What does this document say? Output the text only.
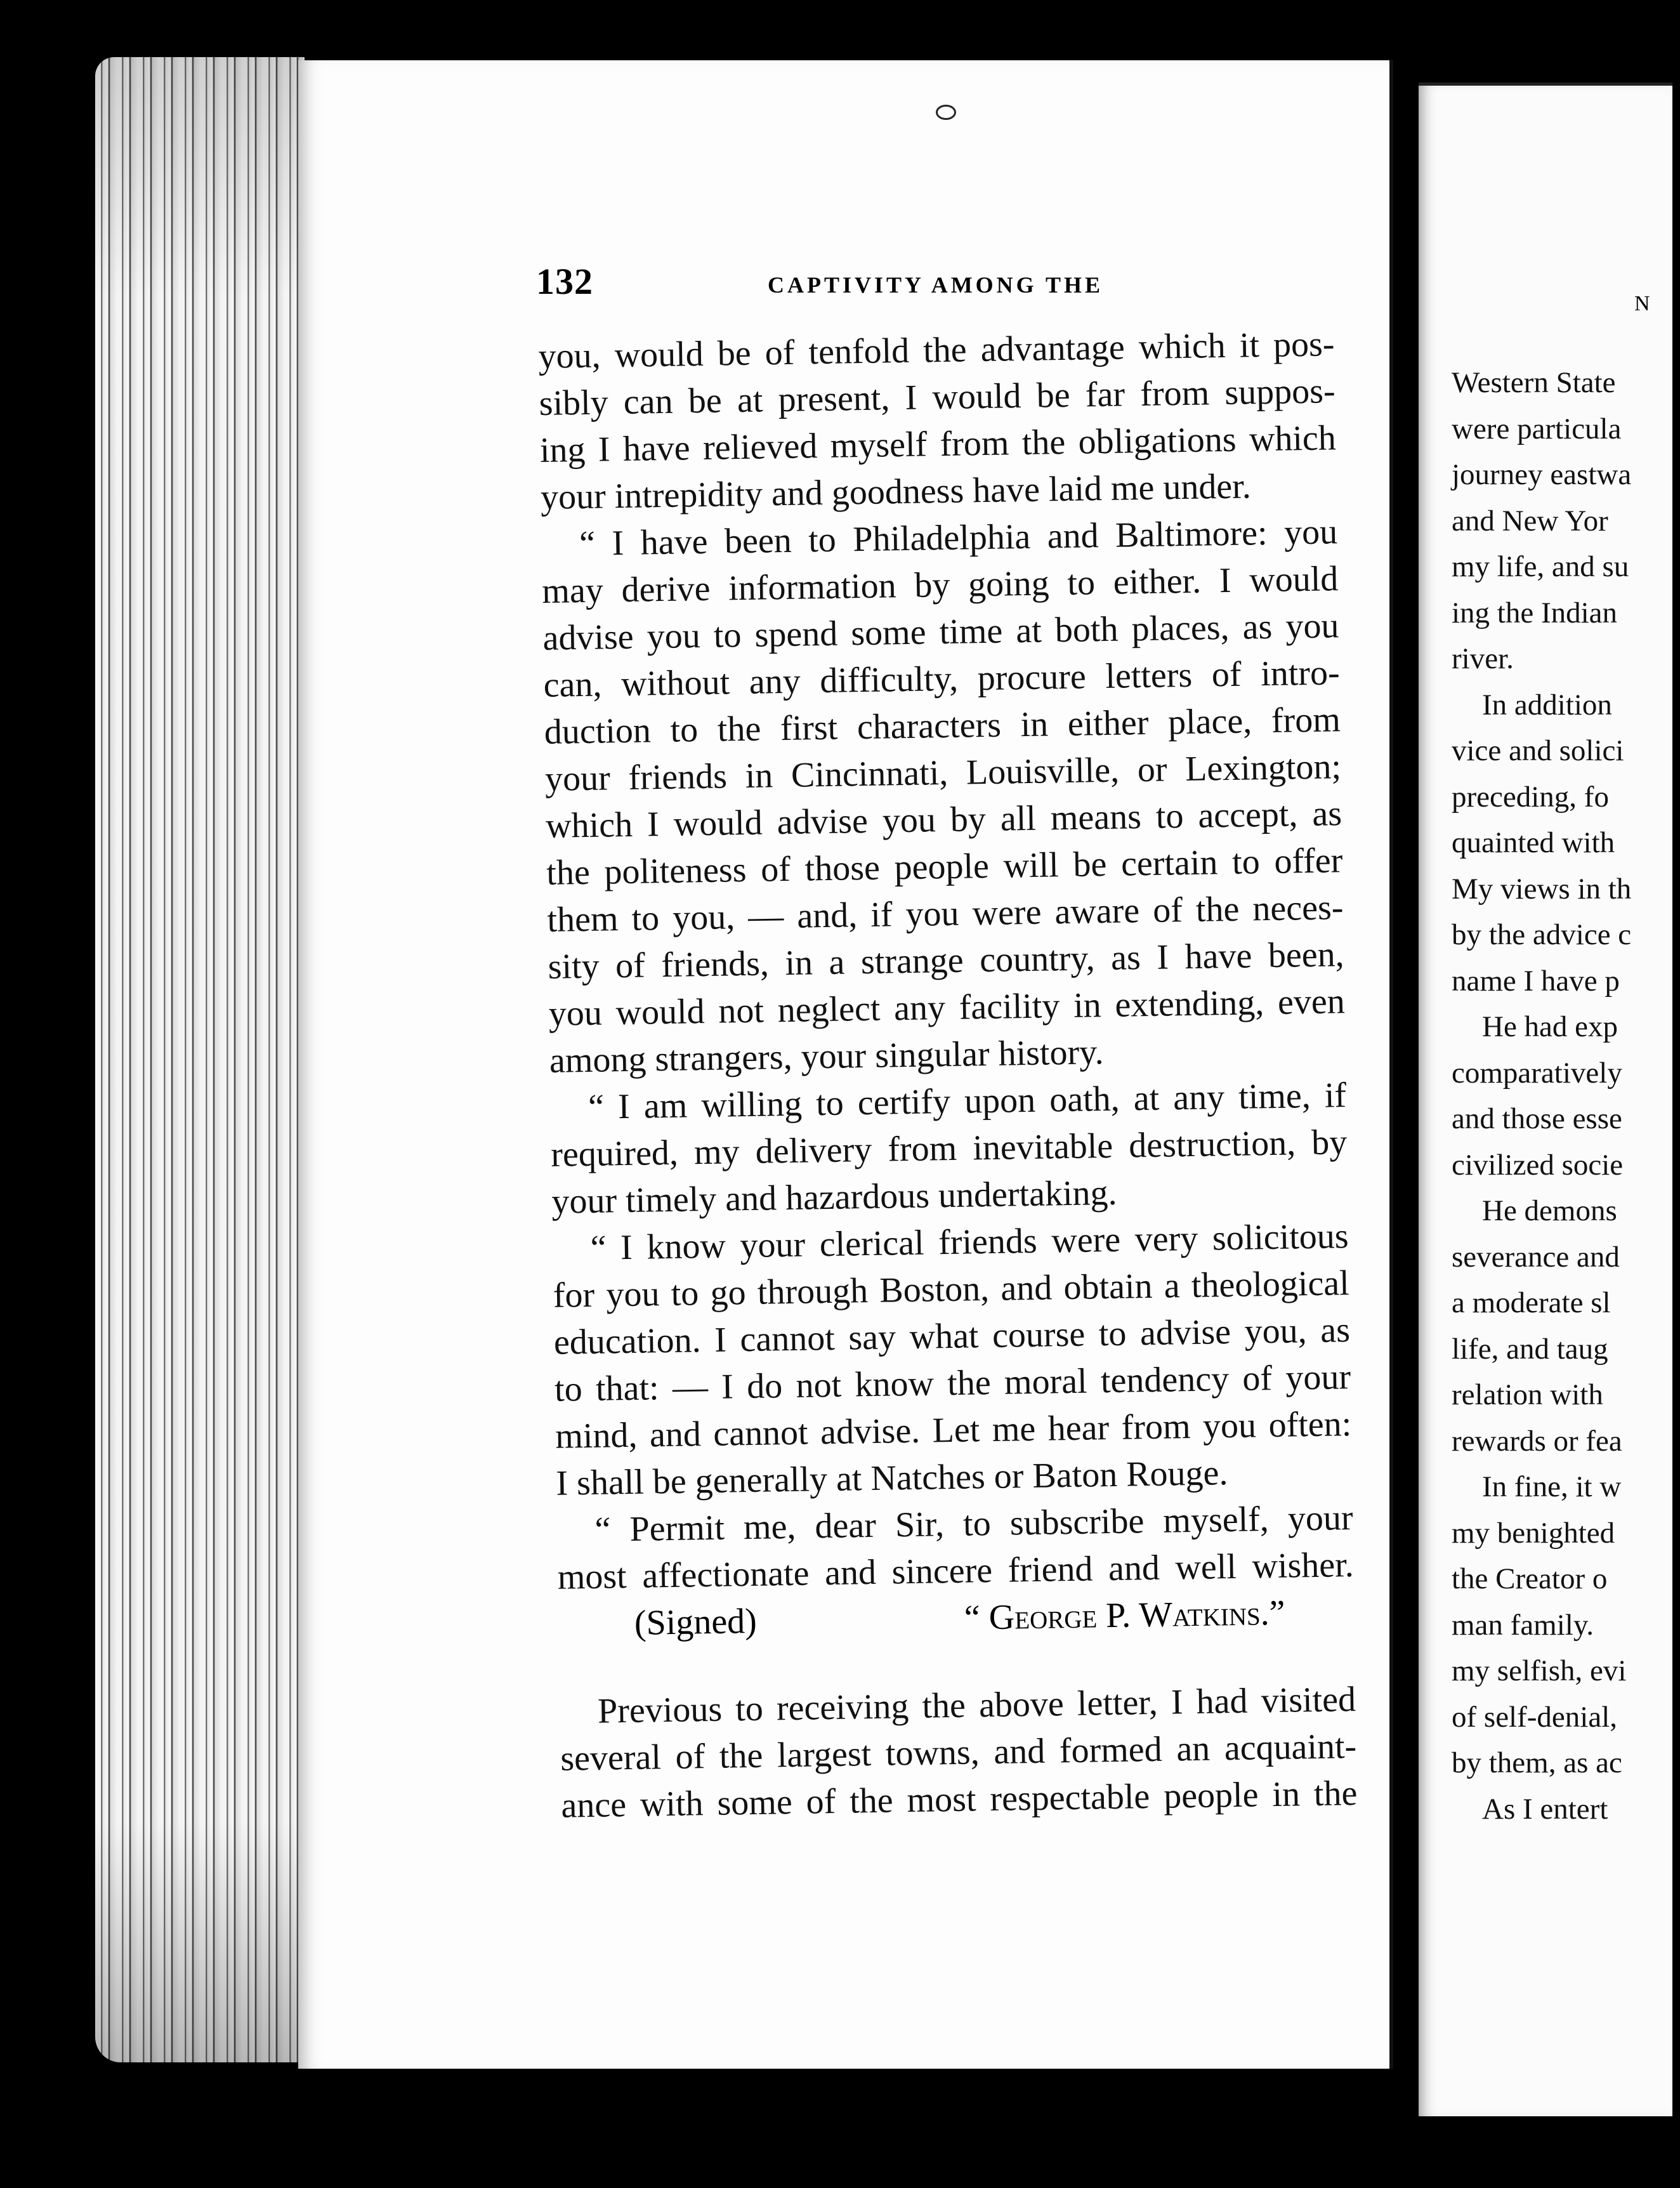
132	CAPTIVITY AMONG THE
you, would be of tenfold the advantage which it pos-
sibly can be at present, I would be far from suppos-
ing I have relieved myself from the obligations which
your intrepidity and goodness have laid me under.
“ I have been to Philadelphia and Baltimore: you
may derive information by going to either. I would
advise you to spend some time at both places, as you
can, without any difficulty, procure letters of intro-
duction to the first characters in either place, from
your friends in Cincinnati, Louisville, or Lexington;
which I would advise you by all means to accept, as
the politeness of those people will be certain to offer
them to you, — and, if you were aware of the neces-
sity of friends, in a strange country, as I have been,
you would not neglect any facility in extending, even
among strangers, your singular history.
“ I am willing to certify upon oath, at any time, if
required, my delivery from inevitable destruction, by
your timely and hazardous undertaking.
“ I know your clerical friends were very solicitous
for you to go through Boston, and obtain a theological
education. I cannot say what course to advise you, as
to that: — I do not know the moral tendency of your
mind, and cannot advise. Let me hear from you often:
I shall be generally at Natches or Baton Rouge.
“ Permit me, dear Sir, to subscribe myself, your
most affectionate and sincere friend and well wisher.
(Signed)	“ George P. Watkins.”
Previous to receiving the above letter, I had visited
several of the largest towns, and formed an acquaint-
ance with some of the most respectable people in the
N
Western State
were particula
journey eastwa
and New Yor
my life, and su
ing the Indian
river.
In addition
vice and solici
preceding, fo
quainted with
My views in th
by the advice c
name I have p
He had exp
comparatively
and those esse
civilized socie
He demons
severance and
a moderate sl
life, and taug
relation with
rewards or fea
In fine, it w
my benighted
the Creator o
man family.
my selfish, evi
of self-denial,
by them, as ac
As I entert
